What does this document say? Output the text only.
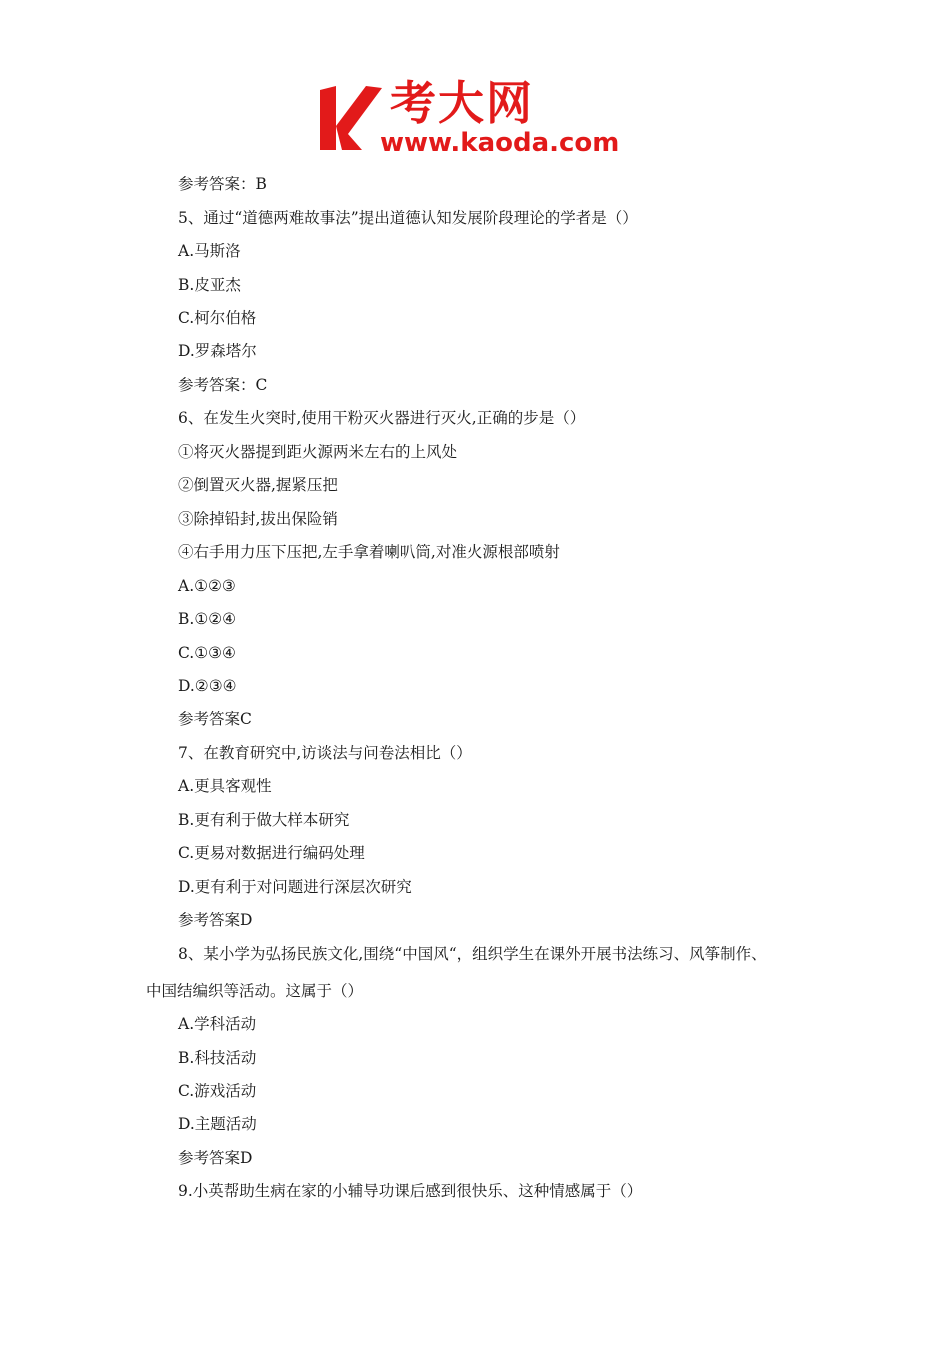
考大网
www.kaoda.com
参考答案：B
5、通过“道德两难故事法”提出道德认知发展阶段理论的学者是（）
A.马斯洛
B.皮亚杰
C.柯尔伯格
D.罗森塔尔
参考答案：C
6、在发生火突时,使用干粉灭火器进行灭火,正确的步是（）
①将灭火器提到距火源两米左右的上风处
②倒置灭火器,握紧压把
③除掉铅封,拔出保险销
④右手用力压下压把,左手拿着喇叭筒,对准火源根部喷射
A.①②③
B.①②④
C.①③④
D.②③④
参考答案C
7、在教育研究中,访谈法与问卷法相比（）
A.更具客观性
B.更有利于做大样本研究
C.更易对数据进行编码处理
D.更有利于对问题进行深层次研究
参考答案D
8、某小学为弘扬民族文化,围绕“中国风“，组织学生在课外开展书法练习、风筝制作、
中国结编织等活动。这属于（）
A.学科活动
B.科技活动
C.游戏活动
D.主题活动
参考答案D
9.小英帮助生病在家的小辅导功课后感到很快乐、这种情感属于（）
